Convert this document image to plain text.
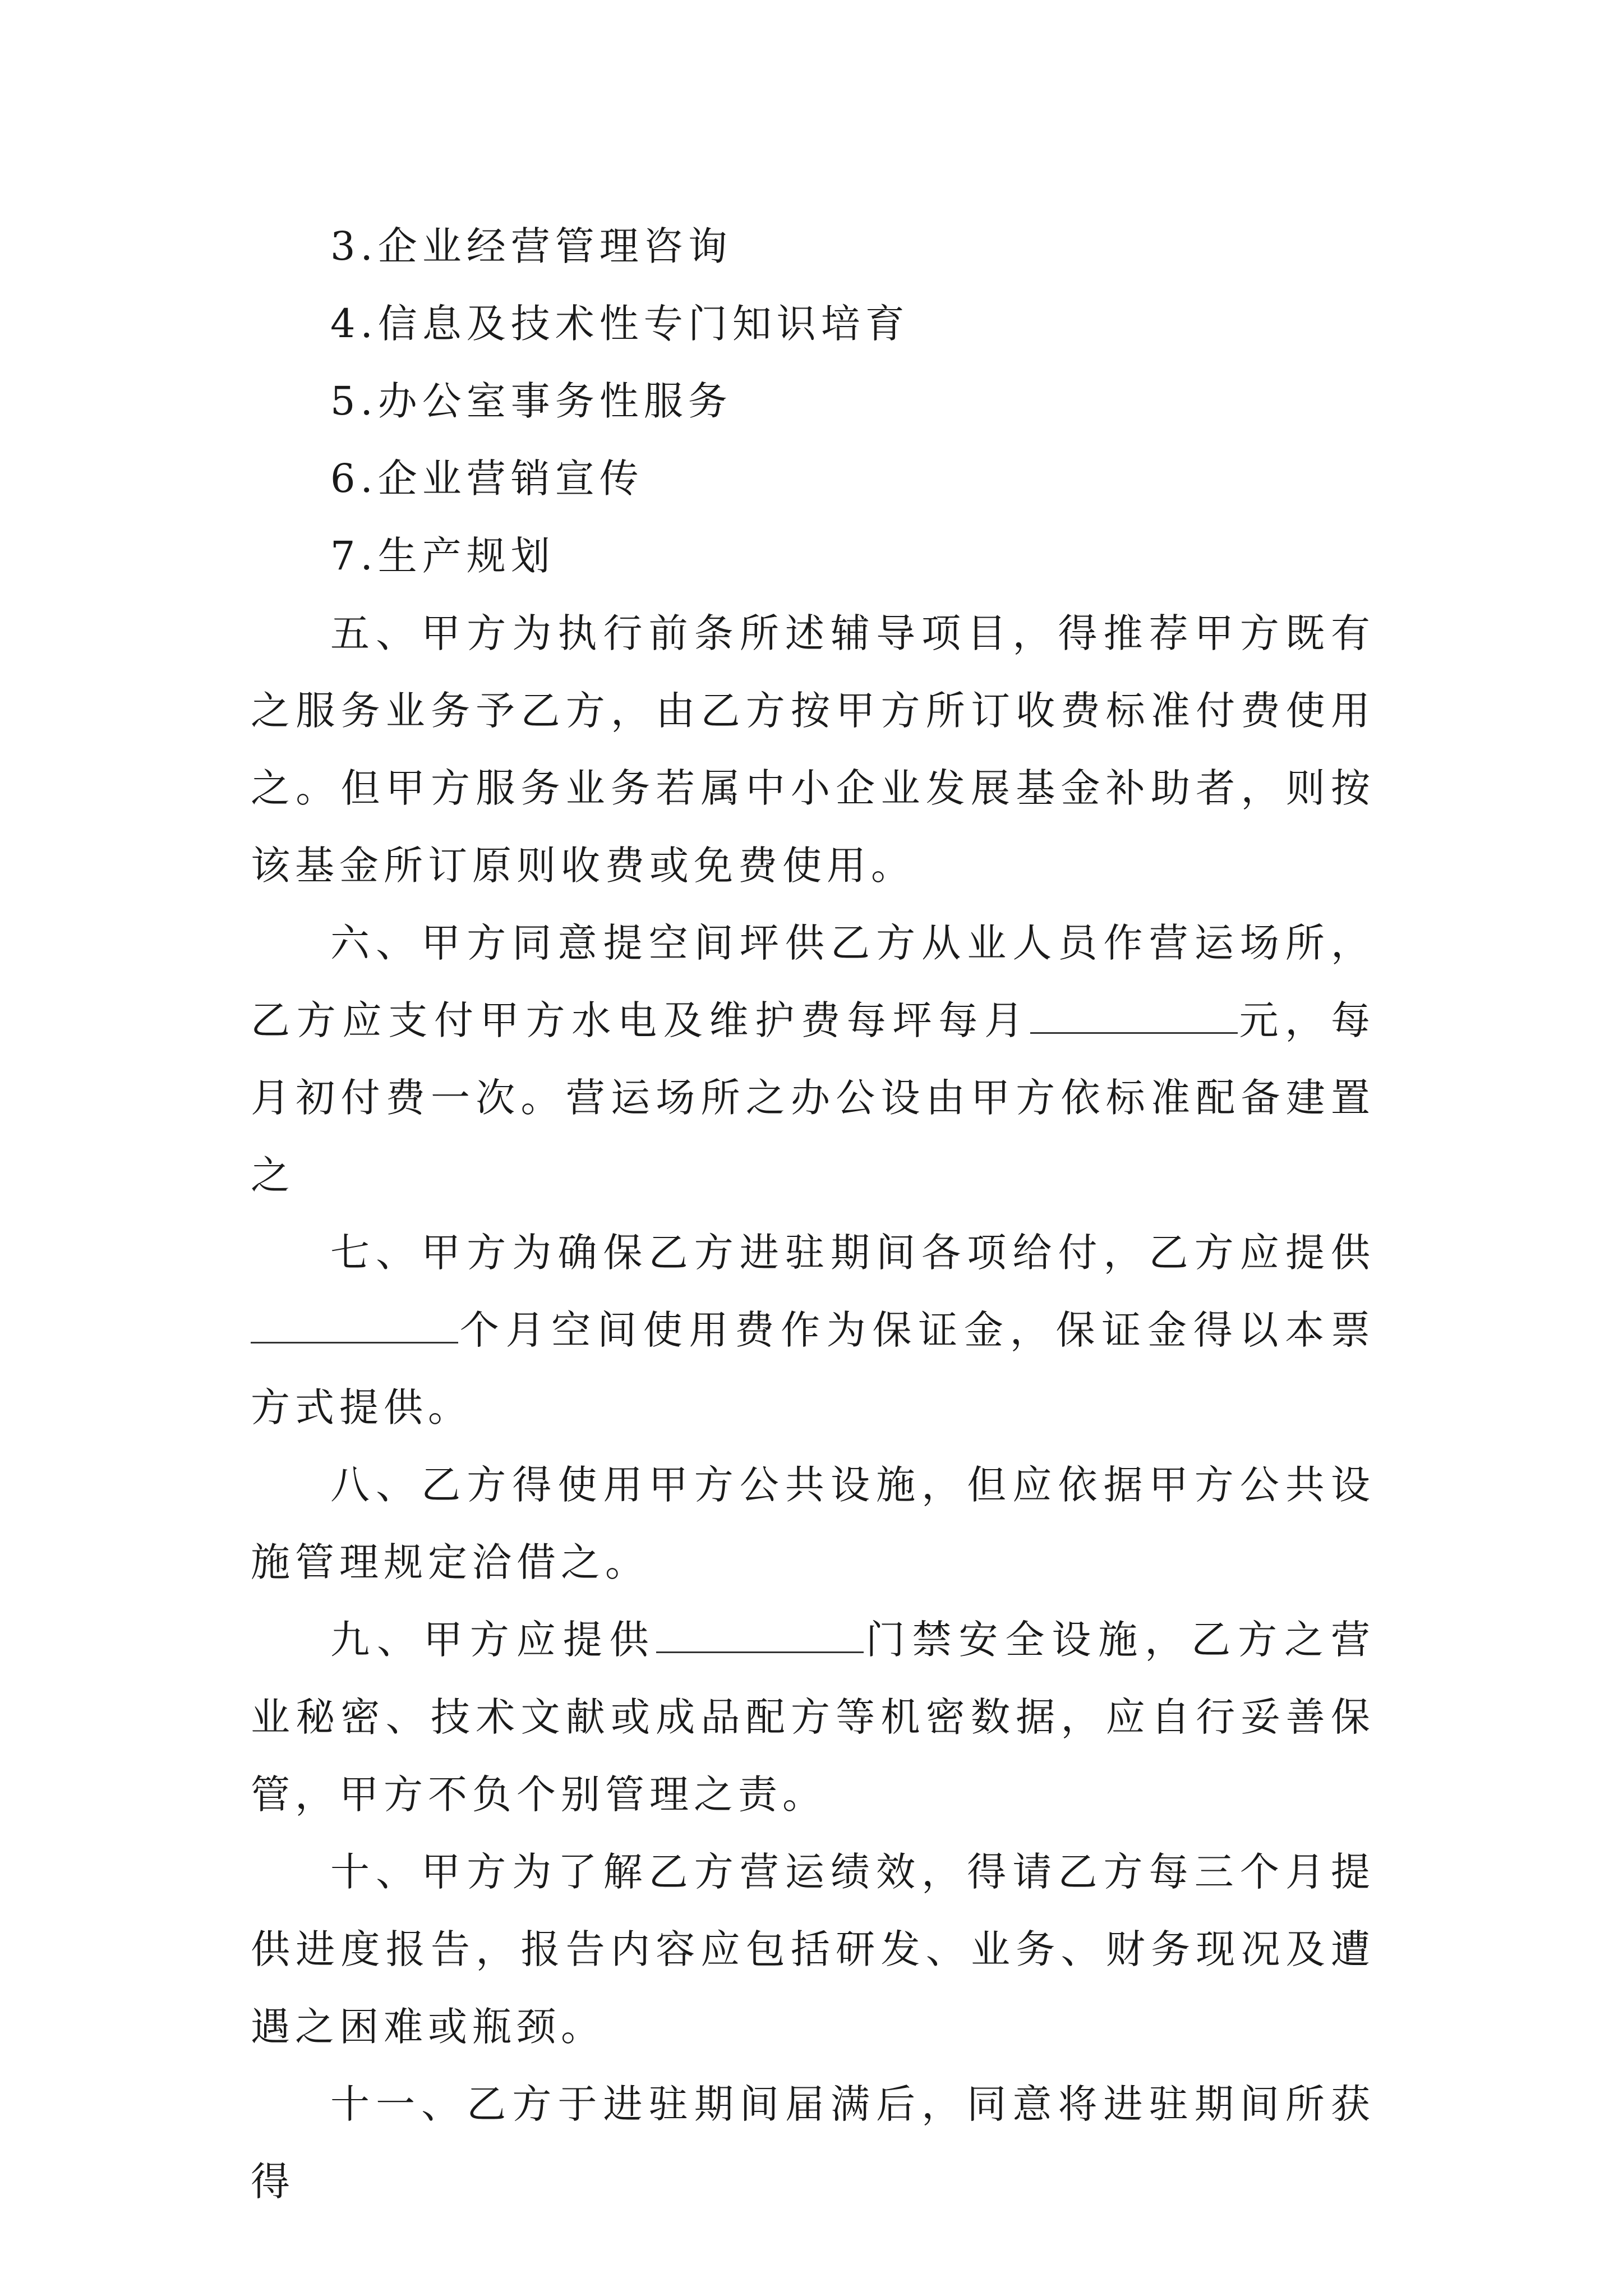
3.企业经营管理咨询

4.信息及技术性专门知识培育

5.办公室事务性服务

6.企业营销宣传

7.生产规划

五、甲方为执行前条所述辅导项目，得推荐甲方既有之服务业务予乙方，由乙方按甲方所订收费标准付费使用之。但甲方服务业务若属中小企业发展基金补助者，则按该基金所订原则收费或免费使用。

六、甲方同意提空间坪供乙方从业人员作营运场所，乙方应支付甲方水电及维护费每坪每月	元，每月初付费一次。营运场所之办公设由甲方依标准配备建置之

七、甲方为确保乙方进驻期间各项给付，乙方应提供个月空间使用费作为保证金，保证金得以本票方式提供。

八、乙方得使用甲方公共设施，但应依据甲方公共设施管理规定洽借之。

九、甲方应提供	门禁安全设施，乙方之营业秘密、技术文献或成品配方等机密数据，应自行妥善保管，甲方不负个别管理之责。

十、甲方为了解乙方营运绩效，得请乙方每三个月提供进度报告，报告内容应包括研发、业务、财务现况及遭遇之困难或瓶颈。

十一、乙方于进驻期间届满后，同意将进驻期间所获得
